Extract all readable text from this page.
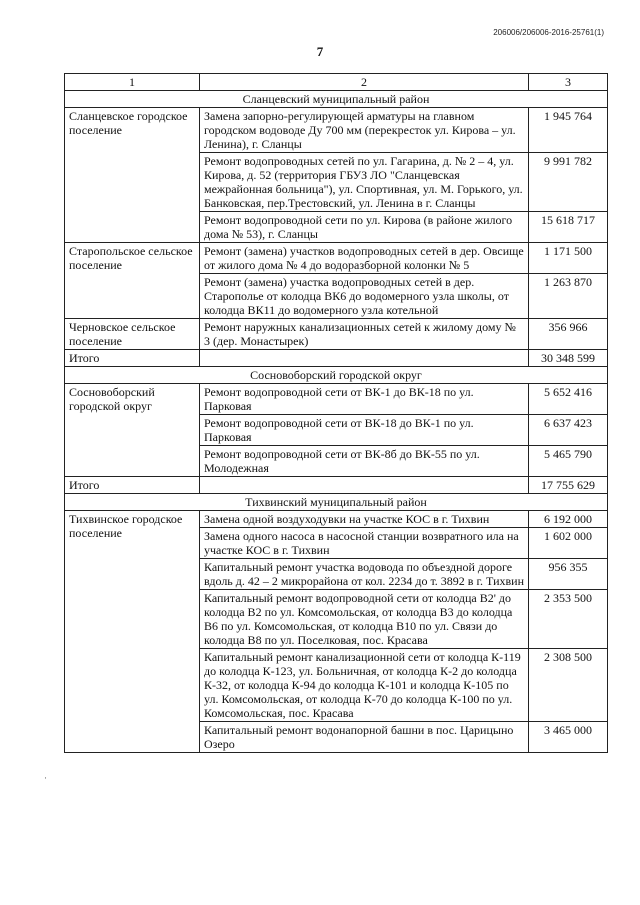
206006/206006-2016-25761(1)
7
·
1	2	3
Сланцевский муниципальный район		
Сланцевское городское поселение	Замена запорно-регулирующей арматуры на главном городском водоводе Ду 700 мм (перекресток ул. Кирова – ул. Ленина), г. Сланцы	1 945 764
	Ремонт водопроводных сетей по ул. Гагарина, д. № 2 – 4, ул. Кирова, д. 52 (территория ГБУЗ ЛО "Сланцевская межрайонная больница"), ул. Спортивная, ул. М. Горького, ул. Банковская, пер.Трестовский, ул. Ленина в г. Сланцы	9 991 782
	Ремонт водопроводной сети по ул. Кирова (в районе жилого дома № 53), г. Сланцы	15 618 717
Старопольское сельское поселение	Ремонт (замена) участков водопроводных сетей в дер. Овсище от жилого дома № 4 до водоразборной колонки № 5	1 171 500
	Ремонт (замена) участка водопроводных сетей в дер. Старополье от колодца ВК6 до водомерного узла школы, от колодца ВК11 до водомерного узла котельной	1 263 870
Черновское сельское поселение	Ремонт наружных канализационных сетей к жилому дому № 3 (дер. Монастырек)	356 966
Итого		30 348 599
Сосновоборский городской округ		
Сосновоборский городской округ	Ремонт водопроводной сети от ВК-1 до ВК-18 по ул. Парковая	5 652 416
	Ремонт водопроводной сети от ВК-18 до ВК-1 по ул. Парковая	6 637 423
	Ремонт водопроводной сети от ВК-8б до ВК-55 по ул. Молодежная	5 465 790
Итого		17 755 629
Тихвинский муниципальный район		
Тихвинское городское поселение	Замена одной воздуходувки на участке КОС в г. Тихвин	6 192 000
	Замена одного насоса в насосной станции возвратного ила на участке КОС в г. Тихвин	1 602 000
	Капитальный ремонт участка водовода по объездной дороге вдоль д. 42 – 2 микрорайона от кол. 2234 до т. 3892 в г. Тихвин	956 355
	Капитальный ремонт водопроводной сети от колодца В2' до колодца В2 по ул. Комсомольская, от колодца В3 до колодца В6 по ул. Комсомольская, от колодца В10 по ул. Связи до колодца В8 по ул. Поселковая, пос. Красава	2 353 500
	Капитальный ремонт канализационной сети от колодца К-119 до колодца К-123, ул. Больничная, от колодца К-2 до колодца К-32, от колодца К-94 до колодца К-101 и колодца К-105 по ул. Комсомольская, от колодца К-70 до колодца К-100 по ул. Комсомольская, пос. Красава	2 308 500
	Капитальный ремонт водонапорной башни в пос. Царицыно Озеро	3 465 000
